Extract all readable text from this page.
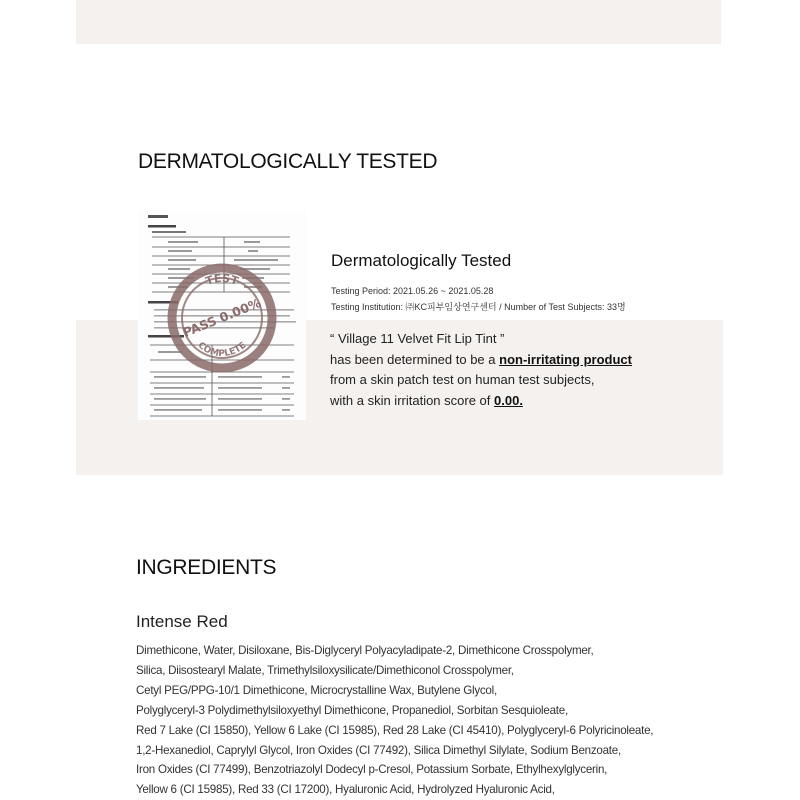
DERMATOLOGICALLY TESTED
TEST
PASS 0.00%
COMPLETE
Dermatologically Tested
Testing Period: 2021.05.26 ~ 2021.05.28
Testing Institution: ㈜KC피부임상연구센터 / Number of Test Subjects: 33명
“ Village 11 Velvet Fit Lip Tint ”
has been determined to be a non-irritating product
from a skin patch test on human test subjects,
with a skin irritation score of 0.00.
INGREDIENTS
Intense Red
Dimethicone, Water, Disiloxane, Bis-Diglyceryl Polyacyladipate-2, Dimethicone Crosspolymer,
Silica, Diisostearyl Malate, Trimethylsiloxysilicate/Dimethiconol Crosspolymer,
Cetyl PEG/PPG-10/1 Dimethicone, Microcrystalline Wax, Butylene Glycol,
Polyglyceryl-3 Polydimethylsiloxyethyl Dimethicone, Propanediol, Sorbitan Sesquioleate,
Red 7 Lake (CI 15850), Yellow 6 Lake (CI 15985), Red 28 Lake (CI 45410), Polyglyceryl-6 Polyricinoleate,
1,2-Hexanediol, Caprylyl Glycol, Iron Oxides (CI 77492), Silica Dimethyl Silylate, Sodium Benzoate,
Iron Oxides (CI 77499), Benzotriazolyl Dodecyl p-Cresol, Potassium Sorbate, Ethylhexylglycerin,
Yellow 6 (CI 15985), Red 33 (CI 17200), Hyaluronic Acid, Hydrolyzed Hyaluronic Acid,
